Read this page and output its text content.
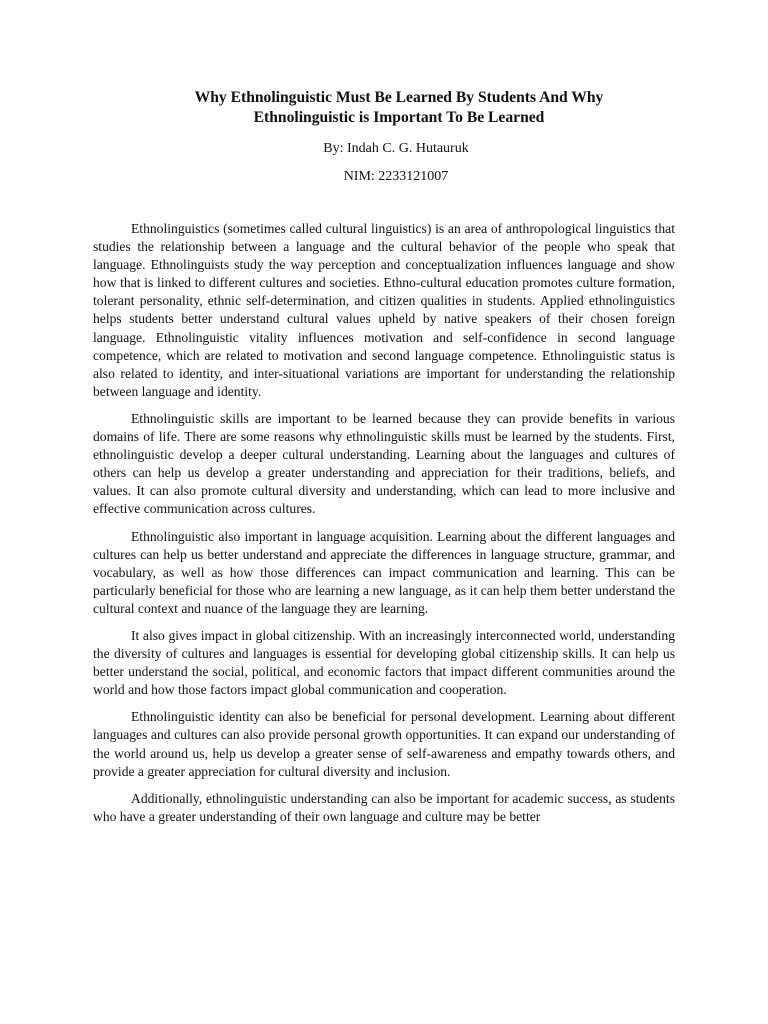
Why Ethnolinguistic Must Be Learned By Students And Why
Ethnolinguistic is Important To Be Learned

By: Indah C. G. Hutauruk

NIM: 2233121007

Ethnolinguistics (sometimes called cultural linguistics) is an area of anthropological linguistics that studies the relationship between a language and the cultural behavior of the people who speak that language. Ethnolinguists study the way perception and conceptualization influences language and show how that is linked to different cultures and societies. Ethno-cultural education promotes culture formation, tolerant personality, ethnic self-determination, and citizen qualities in students. Applied ethnolinguistics helps students better understand cultural values upheld by native speakers of their chosen foreign language. Ethnolinguistic vitality influences motivation and self-confidence in second language competence, which are related to motivation and second language competence. Ethnolinguistic status is also related to identity, and inter-situational variations are important for understanding the relationship between language and identity.

Ethnolinguistic skills are important to be learned because they can provide benefits in various domains of life. There are some reasons why ethnolinguistic skills must be learned by the students. First, ethnolinguistic develop a deeper cultural understanding. Learning about the languages and cultures of others can help us develop a greater understanding and appreciation for their traditions, beliefs, and values. It can also promote cultural diversity and understanding, which can lead to more inclusive and effective communication across cultures.

Ethnolinguistic also important in language acquisition. Learning about the different languages and cultures can help us better understand and appreciate the differences in language structure, grammar, and vocabulary, as well as how those differences can impact communication and learning. This can be particularly beneficial for those who are learning a new language, as it can help them better understand the cultural context and nuance of the language they are learning.

It also gives impact in global citizenship. With an increasingly interconnected world, understanding the diversity of cultures and languages is essential for developing global citizenship skills. It can help us better understand the social, political, and economic factors that impact different communities around the world and how those factors impact global communication and cooperation.

Ethnolinguistic identity can also be beneficial for personal development. Learning about different languages and cultures can also provide personal growth opportunities. It can expand our understanding of the world around us, help us develop a greater sense of self-awareness and empathy towards others, and provide a greater appreciation for cultural diversity and inclusion.

Additionally, ethnolinguistic understanding can also be important for academic success, as students who have a greater understanding of their own language and culture may be better
